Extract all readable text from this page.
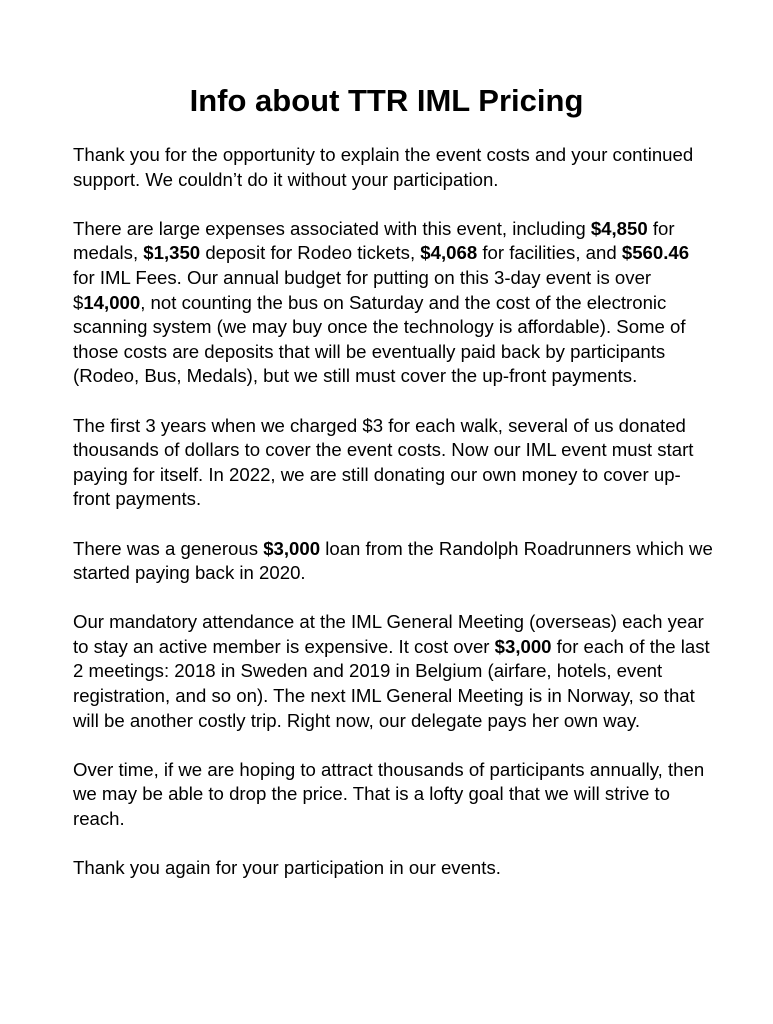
Info about TTR IML Pricing

Thank you for the opportunity to explain the event costs and your continued support. We couldn’t do it without your participation.

There are large expenses associated with this event, including $4,850 for medals, $1,350 deposit for Rodeo tickets, $4,068 for facilities, and $560.46 for IML Fees. Our annual budget for putting on this 3-day event is over $14,000, not counting the bus on Saturday and the cost of the electronic scanning system (we may buy once the technology is affordable). Some of those costs are deposits that will be eventually paid back by participants (Rodeo, Bus, Medals), but we still must cover the up-front payments.

The first 3 years when we charged $3 for each walk, several of us donated thousands of dollars to cover the event costs. Now our IML event must start paying for itself. In 2022, we are still donating our own money to cover up-front payments.

There was a generous $3,000 loan from the Randolph Roadrunners which we started paying back in 2020.

Our mandatory attendance at the IML General Meeting (overseas) each year to stay an active member is expensive. It cost over $3,000 for each of the last 2 meetings: 2018 in Sweden and 2019 in Belgium (airfare, hotels, event registration, and so on). The next IML General Meeting is in Norway, so that will be another costly trip. Right now, our delegate pays her own way.

Over time, if we are hoping to attract thousands of participants annually, then we may be able to drop the price. That is a lofty goal that we will strive to reach.

Thank you again for your participation in our events.
